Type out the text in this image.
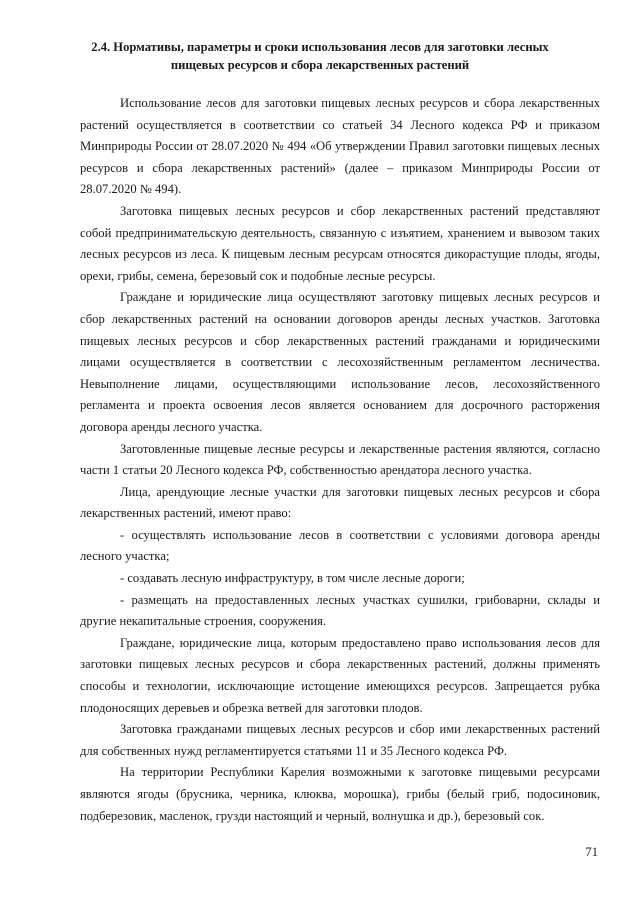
2.4. Нормативы, параметры и сроки использования лесов для заготовки лесных
пищевых ресурсов и сбора лекарственных растений

Использование лесов для заготовки пищевых лесных ресурсов и сбора лекарственных растений осуществляется в соответствии со статьей 34 Лесного кодекса РФ и приказом Минприроды России от 28.07.2020 № 494 «Об утверждении Правил заготовки пищевых лесных ресурсов и сбора лекарственных растений» (далее – приказом Минприроды России от 28.07.2020 № 494).

Заготовка пищевых лесных ресурсов и сбор лекарственных растений представляют собой предпринимательскую деятельность, связанную с изъятием, хранением и вывозом таких лесных ресурсов из леса. К пищевым лесным ресурсам относятся дикорастущие плоды, ягоды, орехи, грибы, семена, березовый сок и подобные лесные ресурсы.

Граждане и юридические лица осуществляют заготовку пищевых лесных ресурсов и сбор лекарственных растений на основании договоров аренды лесных участков. Заготовка пищевых лесных ресурсов и сбор лекарственных растений гражданами и юридическими лицами осуществляется в соответствии с лесохозяйственным регламентом лесничества. Невыполнение лицами, осуществляющими использование лесов, лесохозяйственного регламента и проекта освоения лесов является основанием для досрочного расторжения договора аренды лесного участка.

Заготовленные пищевые лесные ресурсы и лекарственные растения являются, согласно части 1 статьи 20 Лесного кодекса РФ, собственностью арендатора лесного участка.

Лица, арендующие лесные участки для заготовки пищевых лесных ресурсов и сбора лекарственных растений, имеют право:

- осуществлять использование лесов в соответствии с условиями договора аренды лесного участка;

- создавать лесную инфраструктуру, в том числе лесные дороги;

- размещать на предоставленных лесных участках сушилки, грибоварни, склады и другие некапитальные строения, сооружения.

Граждане, юридические лица, которым предоставлено право использования лесов для заготовки пищевых лесных ресурсов и сбора лекарственных растений, должны применять способы и технологии, исключающие истощение имеющихся ресурсов. Запрещается рубка плодоносящих деревьев и обрезка ветвей для заготовки плодов.

Заготовка гражданами пищевых лесных ресурсов и сбор ими лекарственных растений для собственных нужд регламентируется статьями 11 и 35 Лесного кодекса РФ.

На территории Республики Карелия возможными к заготовке пищевыми ресурсами являются ягоды (брусника, черника, клюква, морошка), грибы (белый гриб, подосиновик, подберезовик, масленок, грузди настоящий и черный, волнушка и др.), березовый сок.

71
